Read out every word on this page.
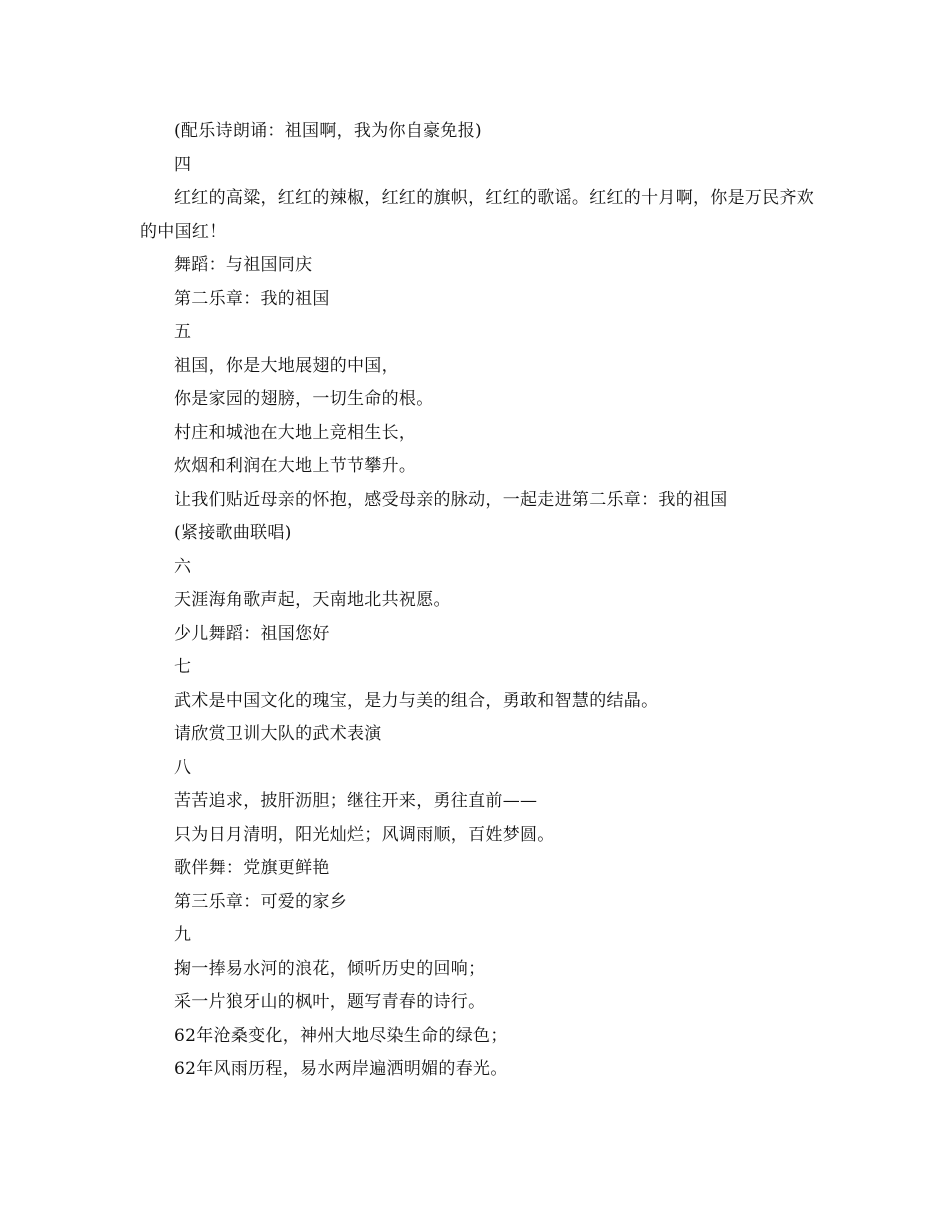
(配乐诗朗诵：祖国啊，我为你自豪免报)

四

红红的高粱，红红的辣椒，红红的旗帜，红红的歌谣。红红的十月啊，你是万民齐欢的中国红！

舞蹈：与祖国同庆

第二乐章：我的祖国

五

祖国，你是大地展翅的中国，

你是家园的翅膀，一切生命的根。

村庄和城池在大地上竞相生长，

炊烟和利润在大地上节节攀升。

让我们贴近母亲的怀抱，感受母亲的脉动，一起走进第二乐章：我的祖国

(紧接歌曲联唱)

六

天涯海角歌声起，天南地北共祝愿。

少儿舞蹈：祖国您好

七

武术是中国文化的瑰宝，是力与美的组合，勇敢和智慧的结晶。

请欣赏卫训大队的武术表演

八

苦苦追求，披肝沥胆；继往开来，勇往直前——

只为日月清明，阳光灿烂；风调雨顺，百姓梦圆。

歌伴舞：党旗更鲜艳

第三乐章：可爱的家乡

九

掬一捧易水河的浪花，倾听历史的回响；

采一片狼牙山的枫叶，题写青春的诗行。

62年沧桑变化，神州大地尽染生命的绿色；

62年风雨历程，易水两岸遍洒明媚的春光。
